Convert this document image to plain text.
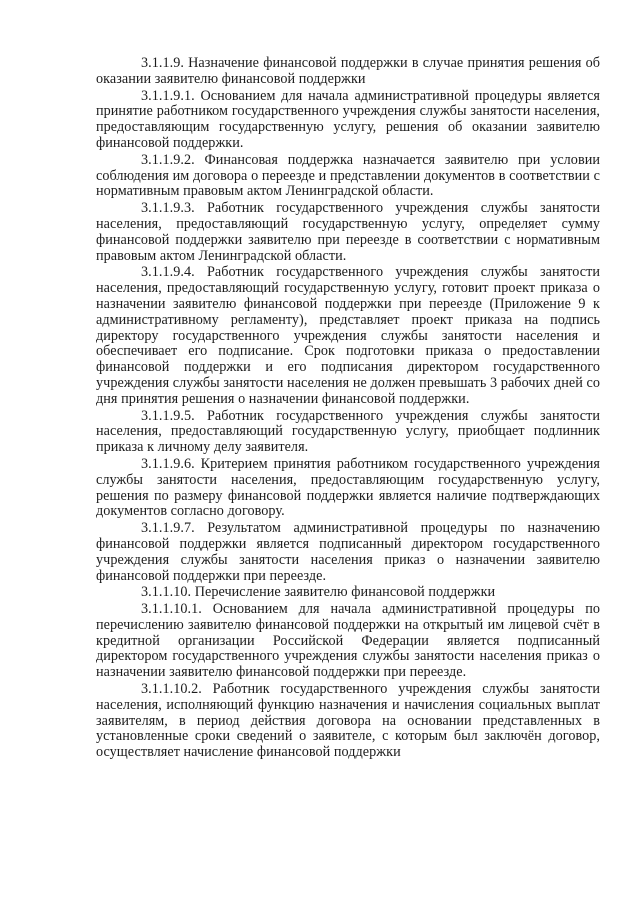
3.1.1.9. Назначение финансовой поддержки в случае принятия решения об оказании заявителю финансовой поддержки

3.1.1.9.1. Основанием для начала административной процедуры является принятие работником государственного учреждения службы занятости населения, предоставляющим государственную услугу, решения об оказании заявителю финансовой поддержки.

3.1.1.9.2. Финансовая поддержка назначается заявителю при условии соблюдения им договора о переезде и представлении документов в соответствии с нормативным правовым актом Ленинградской области.

3.1.1.9.3. Работник государственного учреждения службы занятости населения, предоставляющий государственную услугу, определяет сумму финансовой поддержки заявителю при переезде в соответствии с нормативным правовым актом Ленинградской области.

3.1.1.9.4. Работник государственного учреждения службы занятости населения, предоставляющий государственную услугу, готовит проект приказа о назначении заявителю финансовой поддержки при переезде (Приложение 9 к административному регламенту), представляет проект приказа на подпись директору государственного учреждения службы занятости населения и обеспечивает его подписание. Срок подготовки приказа о предоставлении финансовой поддержки и его подписания директором государственного учреждения службы занятости населения не должен превышать 3 рабочих дней со дня принятия решения о назначении финансовой поддержки.

3.1.1.9.5. Работник государственного учреждения службы занятости населения, предоставляющий государственную услугу, приобщает подлинник приказа к личному делу заявителя.

3.1.1.9.6. Критерием принятия работником государственного учреждения службы занятости населения, предоставляющим государственную услугу, решения по размеру финансовой поддержки является наличие подтверждающих документов согласно договору.

3.1.1.9.7. Результатом административной процедуры по назначению финансовой поддержки является подписанный директором государственного учреждения службы занятости населения приказ о назначении заявителю финансовой поддержки при переезде.

3.1.1.10. Перечисление заявителю финансовой поддержки

3.1.1.10.1. Основанием для начала административной процедуры по перечислению заявителю финансовой поддержки на открытый им лицевой счёт в кредитной организации Российской Федерации является подписанный директором государственного учреждения службы занятости населения приказ о назначении заявителю финансовой поддержки при переезде.

3.1.1.10.2. Работник государственного учреждения службы занятости населения, исполняющий функцию назначения и начисления социальных выплат заявителям, в период действия договора на основании представленных в установленные сроки сведений о заявителе, с которым был заключён договор, осуществляет начисление финансовой поддержки
